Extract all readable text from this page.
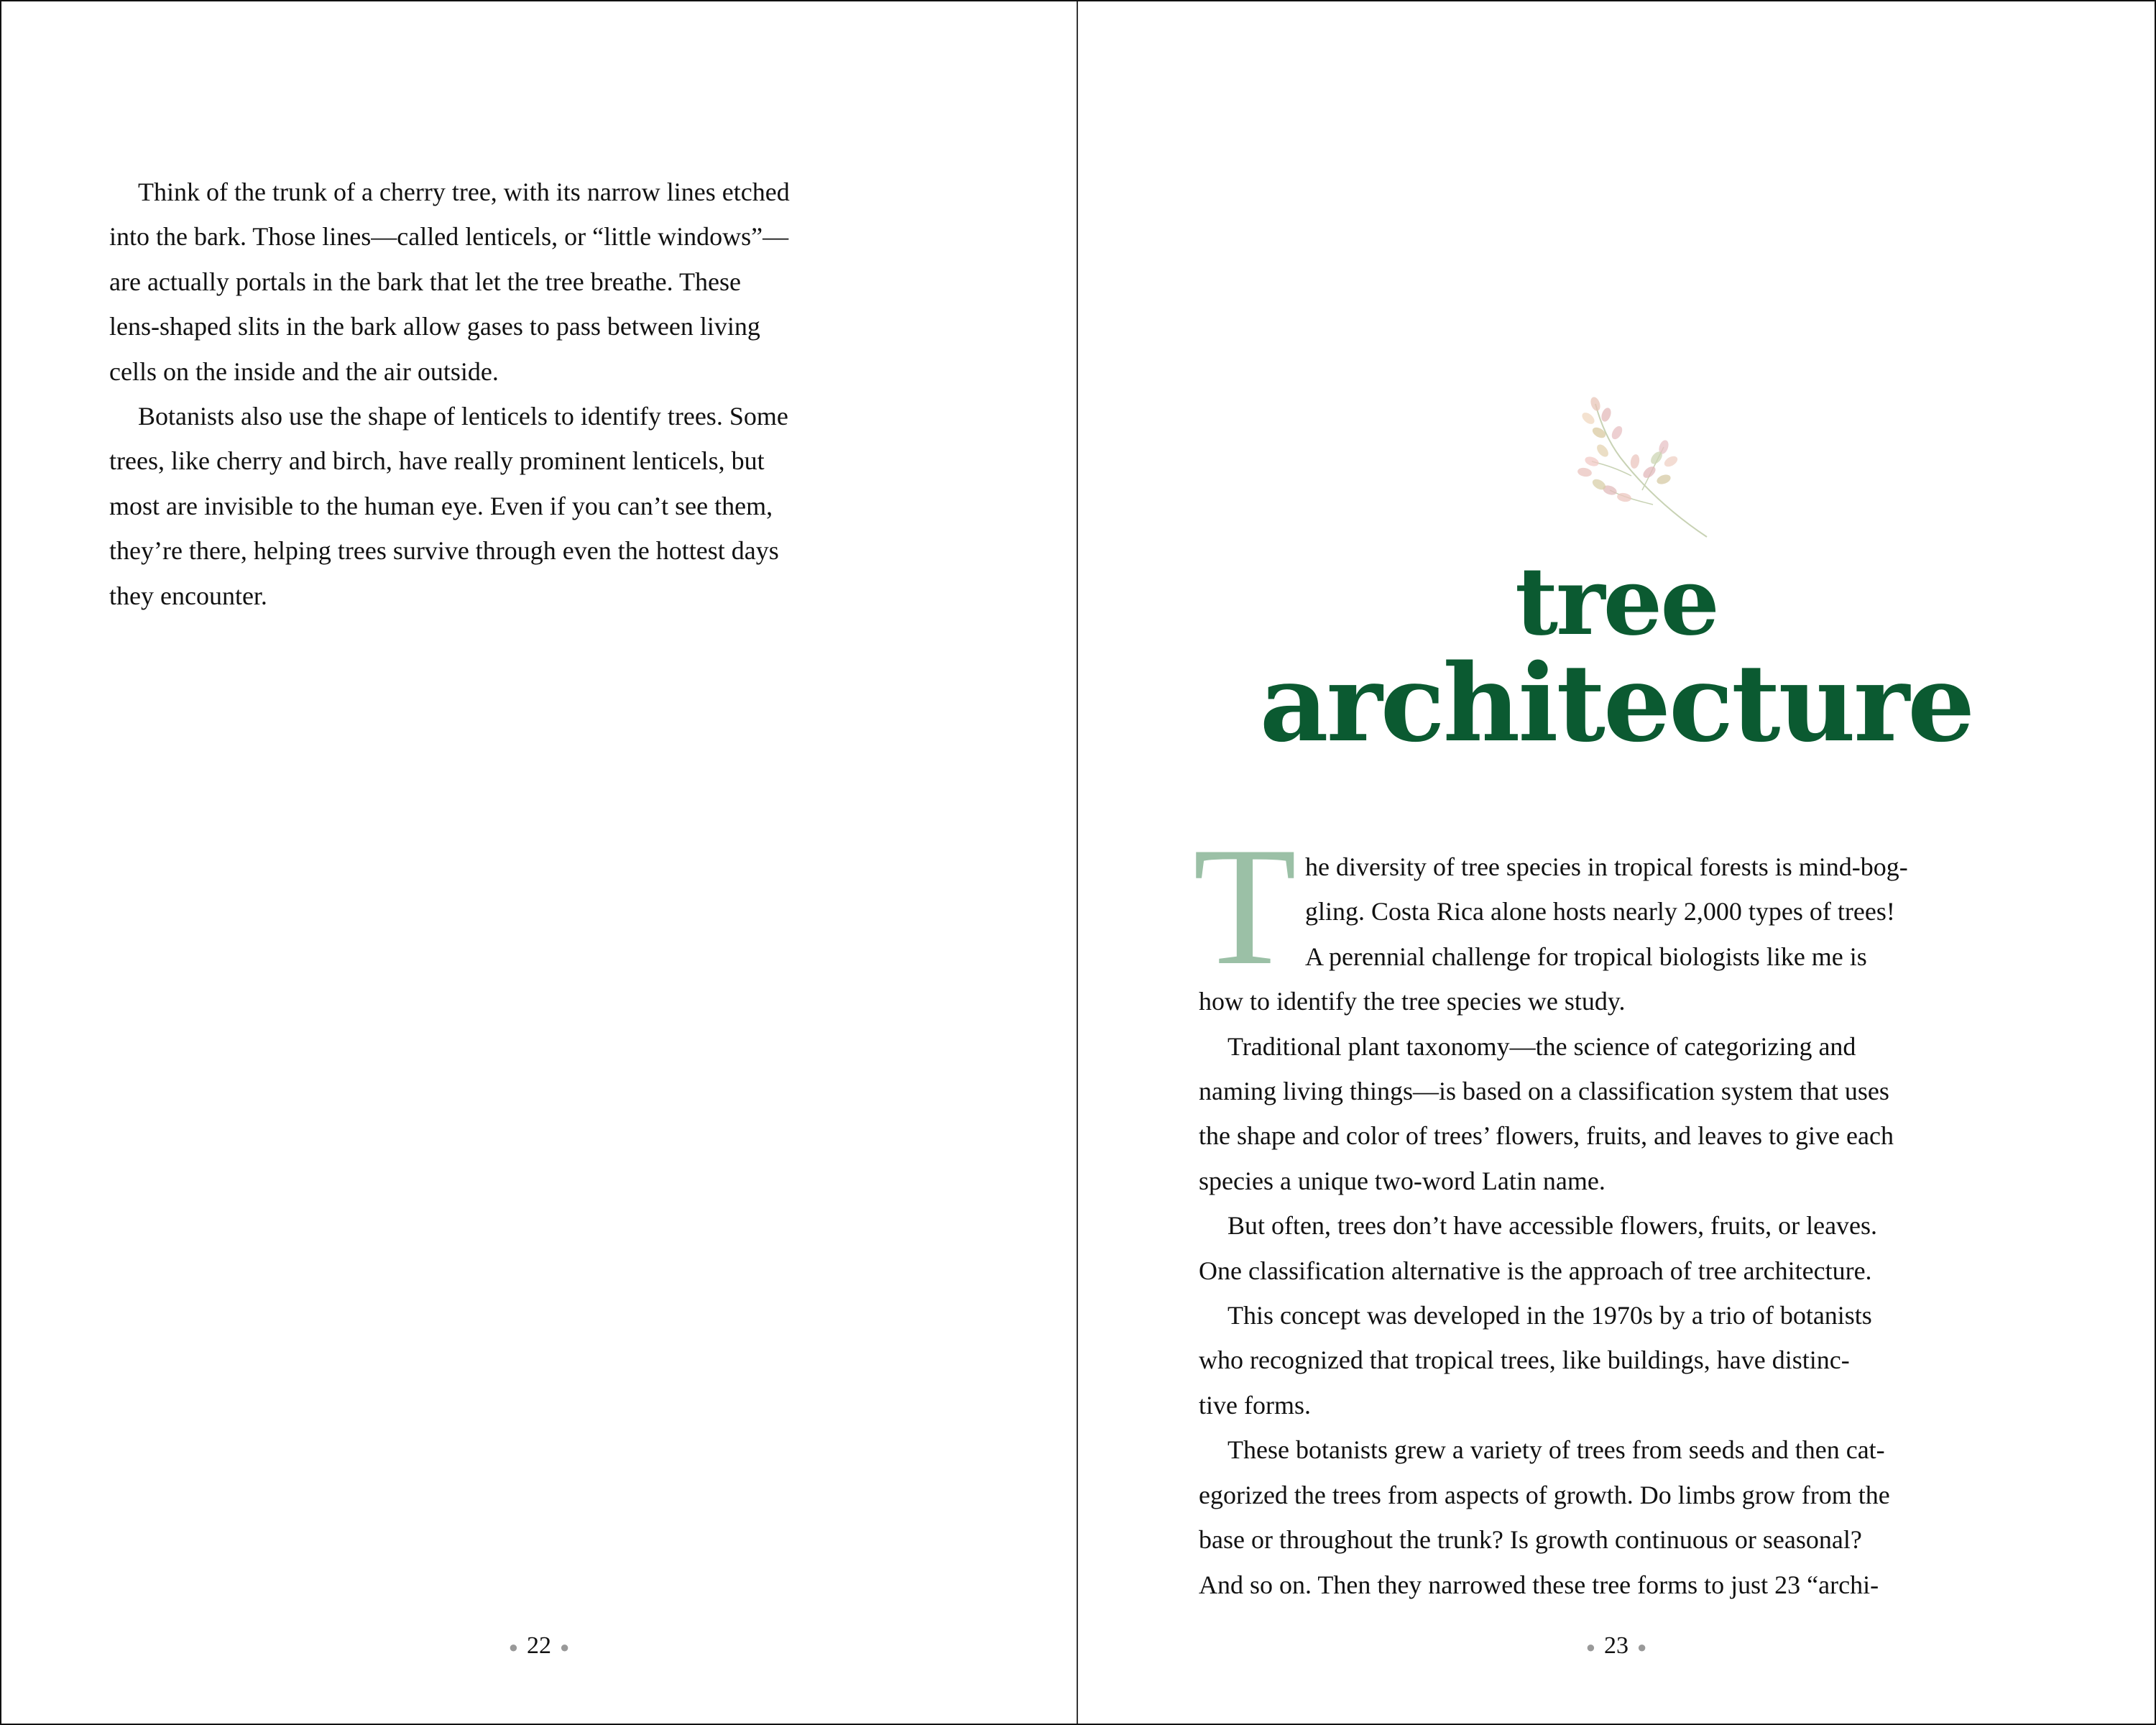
Think of the trunk of a cherry tree, with its narrow lines etched
into the bark. Those lines—called lenticels, or “little windows”—
are actually portals in the bark that let the tree breathe. These
lens-shaped slits in the bark allow gases to pass between living
cells on the inside and the air outside.
Botanists also use the shape of lenticels to identify trees. Some
trees, like cherry and birch, have really prominent lenticels, but
most are invisible to the human eye. Even if you can’t see them,
they’re there, helping trees survive through even the hottest days
they encounter.
● 22 ●
tree
architecture
T he diversity of tree species in tropical forests is mind-bog-
gling. Costa Rica alone hosts nearly 2,000 types of trees!
A perennial challenge for tropical biologists like me is
how to identify the tree species we study.
Traditional plant taxonomy—the science of categorizing and
naming living things—is based on a classification system that uses
the shape and color of trees’ flowers, fruits, and leaves to give each
species a unique two-word Latin name.
But often, trees don’t have accessible flowers, fruits, or leaves.
One classification alternative is the approach of tree architecture.
This concept was developed in the 1970s by a trio of botanists
who recognized that tropical trees, like buildings, have distinc-
tive forms.
These botanists grew a variety of trees from seeds and then cat-
egorized the trees from aspects of growth. Do limbs grow from the
base or throughout the trunk? Is growth continuous or seasonal?
And so on. Then they narrowed these tree forms to just 23 “archi-
● 23 ●
